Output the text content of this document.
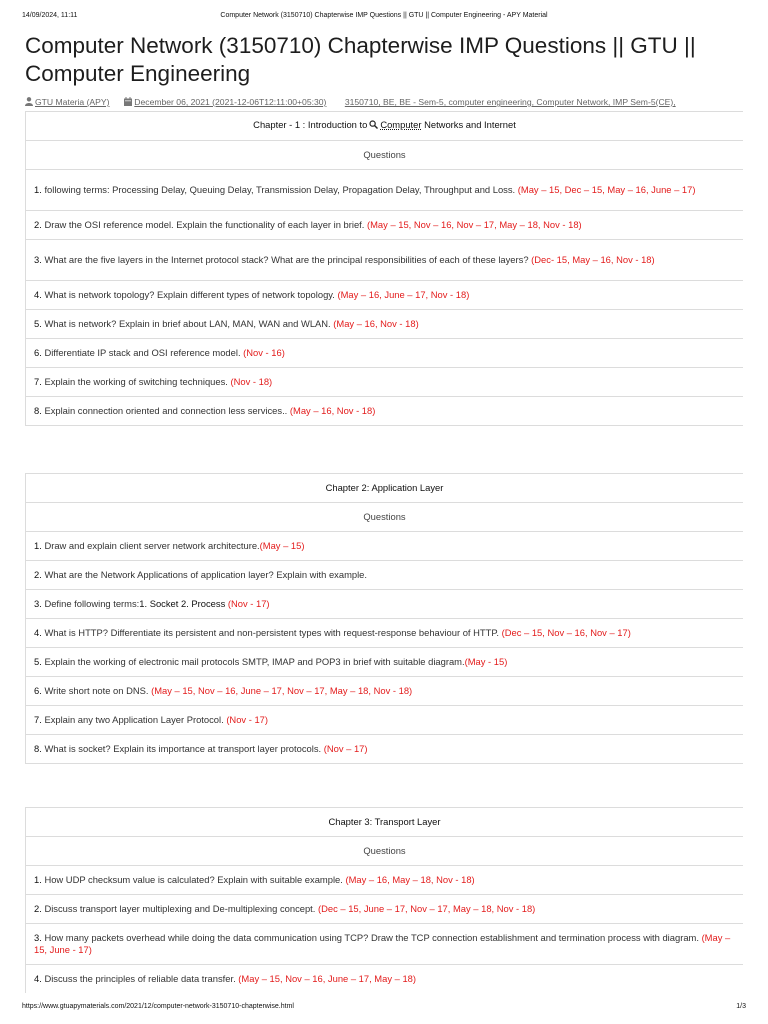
14/09/2024, 11:11	Computer Network (3150710) Chapterwise IMP Questions || GTU || Computer Engineering - APY Material
Computer Network (3150710) Chapterwise IMP Questions || GTU || Computer Engineering
GTU Materia (APY)	December 06, 2021 (2021-12-06T12:11:00+05:30) 3150710, BE, BE - Sem-5, computer engineering, Computer Network, IMP Sem-5(CE),
Chapter - 1 : Introduction to Computer Networks and Internet
Questions
1. following terms: Processing Delay, Queuing Delay, Transmission Delay, Propagation Delay, Throughput and Loss. (May – 15, Dec – 15, May – 16, June – 17)
2. Draw the OSI reference model. Explain the functionality of each layer in brief. (May – 15, Nov – 16, Nov – 17, May – 18, Nov - 18)
3. What are the five layers in the Internet protocol stack? What are the principal responsibilities of each of these layers? (Dec- 15, May – 16, Nov - 18)
4. What is network topology? Explain different types of network topology. (May – 16, June – 17, Nov - 18)
5. What is network? Explain in brief about LAN, MAN, WAN and WLAN. (May – 16, Nov - 18)
6. Differentiate IP stack and OSI reference model. (Nov - 16)
7. Explain the working of switching techniques. (Nov - 18)
8. Explain connection oriented and connection less services.. (May – 16, Nov - 18)
Chapter 2: Application Layer
Questions
1. Draw and explain client server network architecture.(May – 15)
2. What are the Network Applications of application layer? Explain with example.
3. Define following terms:1. Socket 2. Process (Nov - 17)
4. What is HTTP? Differentiate its persistent and non-persistent types with request-response behaviour of HTTP. (Dec – 15, Nov – 16, Nov – 17)
5. Explain the working of electronic mail protocols SMTP, IMAP and POP3 in brief with suitable diagram.(May - 15)
6. Write short note on DNS. (May – 15, Nov – 16, June – 17, Nov – 17, May – 18, Nov - 18)
7. Explain any two Application Layer Protocol. (Nov - 17)
8. What is socket? Explain its importance at transport layer protocols. (Nov – 17)
Chapter 3: Transport Layer
Questions
1. How UDP checksum value is calculated? Explain with suitable example. (May – 16, May – 18, Nov - 18)
2. Discuss transport layer multiplexing and De-multiplexing concept. (Dec – 15, June – 17, Nov – 17, May – 18, Nov - 18)
3. How many packets overhead while doing the data communication using TCP? Draw the TCP connection establishment and termination process with diagram. (May – 15, June - 17)
4. Discuss the principles of reliable data transfer. (May – 15, Nov – 16, June – 17, May – 18)
https://www.gtuapymaterials.com/2021/12/computer-network-3150710-chapterwise.html	1/3
